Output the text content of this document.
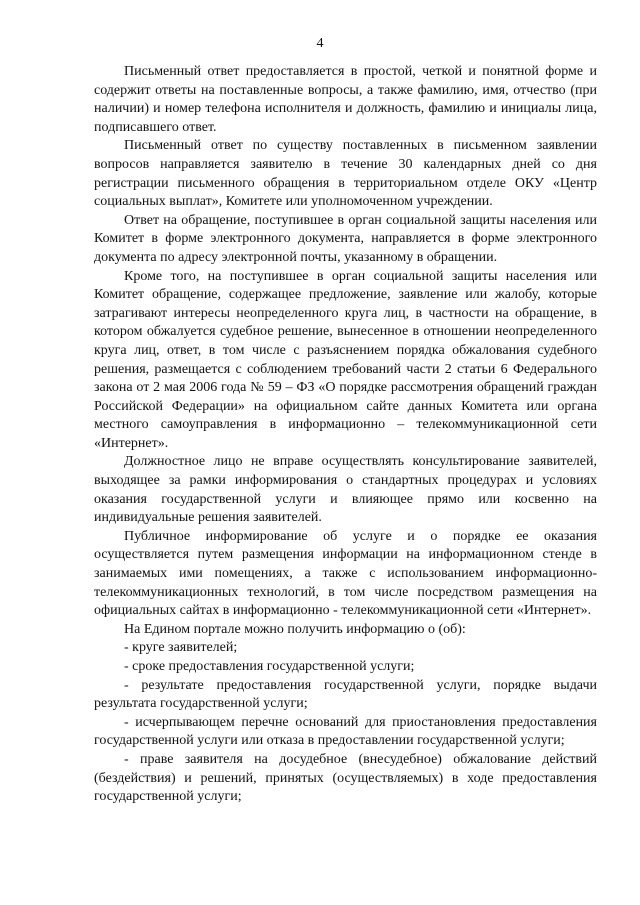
4

Письменный ответ предоставляется в простой, четкой и понятной форме и содержит ответы на поставленные вопросы, а также фамилию, имя, отчество (при наличии) и номер телефона исполнителя и должность, фамилию и инициалы лица, подписавшего ответ.

Письменный ответ по существу поставленных в письменном заявлении вопросов направляется заявителю в течение 30 календарных дней со дня регистрации письменного обращения в территориальном отделе ОКУ «Центр социальных выплат», Комитете или уполномоченном учреждении.

Ответ на обращение, поступившее в орган социальной защиты населения или Комитет в форме электронного документа, направляется в форме электронного документа по адресу электронной почты, указанному в обращении.

Кроме того, на поступившее в орган социальной защиты населения или Комитет обращение, содержащее предложение, заявление или жалобу, которые затрагивают интересы неопределенного круга лиц, в частности на обращение, в котором обжалуется судебное решение, вынесенное в отношении неопределенного круга лиц, ответ, в том числе с разъяснением порядка обжалования судебного решения, размещается с соблюдением требований части 2 статьи 6 Федерального закона от 2 мая 2006 года № 59 – ФЗ «О порядке рассмотрения обращений граждан Российской Федерации» на официальном сайте данных Комитета или органа местного самоуправления в информационно – телекоммуникационной сети «Интернет».

Должностное лицо не вправе осуществлять консультирование заявителей, выходящее за рамки информирования о стандартных процедурах и условиях оказания государственной услуги и влияющее прямо или косвенно на индивидуальные решения заявителей.

Публичное информирование об услуге и о порядке ее оказания осуществляется путем размещения информации на информационном стенде в занимаемых ими помещениях, а также с использованием информационно-телекоммуникационных технологий, в том числе посредством размещения на официальных сайтах в информационно - телекоммуникационной сети «Интернет».

На Едином портале можно получить информацию о (об):

- круге заявителей;

- сроке предоставления государственной услуги;

- результате предоставления государственной услуги, порядке выдачи результата государственной услуги;

- исчерпывающем перечне оснований для приостановления предоставления государственной услуги или отказа в предоставлении государственной услуги;

- праве заявителя на досудебное (внесудебное) обжалование действий (бездействия) и решений, принятых (осуществляемых) в ходе предоставления государственной услуги;
